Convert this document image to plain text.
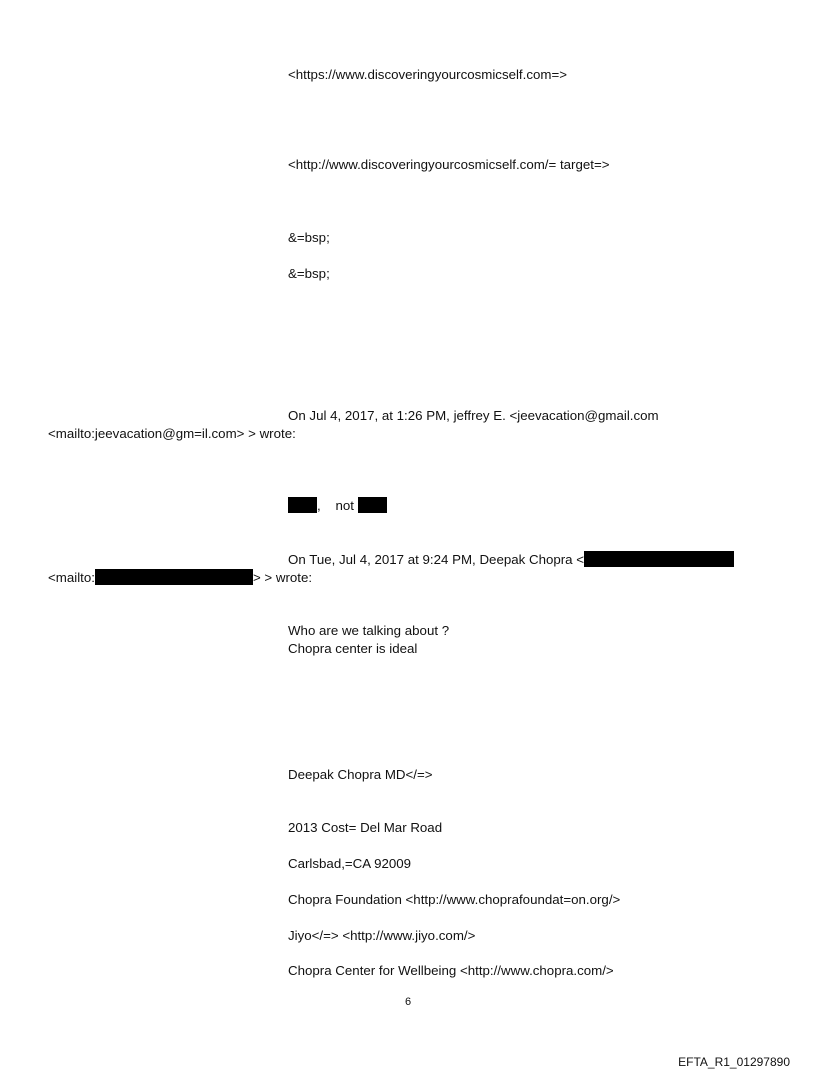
<https://www.discoveringyourcosmicself.com=>
<http://www.discoveringyourcosmicself.com/= target=>
&=bsp;
&=bsp;
On Jul 4, 2017, at 1:26 PM, jeffrey E. <jeevacation@gmail.com
<mailto:jeevacation@gm=il.com> > wrote:
, not
On Tue, Jul 4, 2017 at 9:24 PM, Deepak Chopra <
<mailto:	> > wrote:
Who are we talking about ?
Chopra center is ideal
Deepak Chopra MD</=>
2013 Cost= Del Mar Road
Carlsbad,=CA 92009
Chopra Foundation <http://www.choprafoundat=on.org/>
Jiyo</=> <http://www.jiyo.com/>
Chopra Center for Wellbeing <http://www.chopra.com/>
6
EFTA_R1_01297890
